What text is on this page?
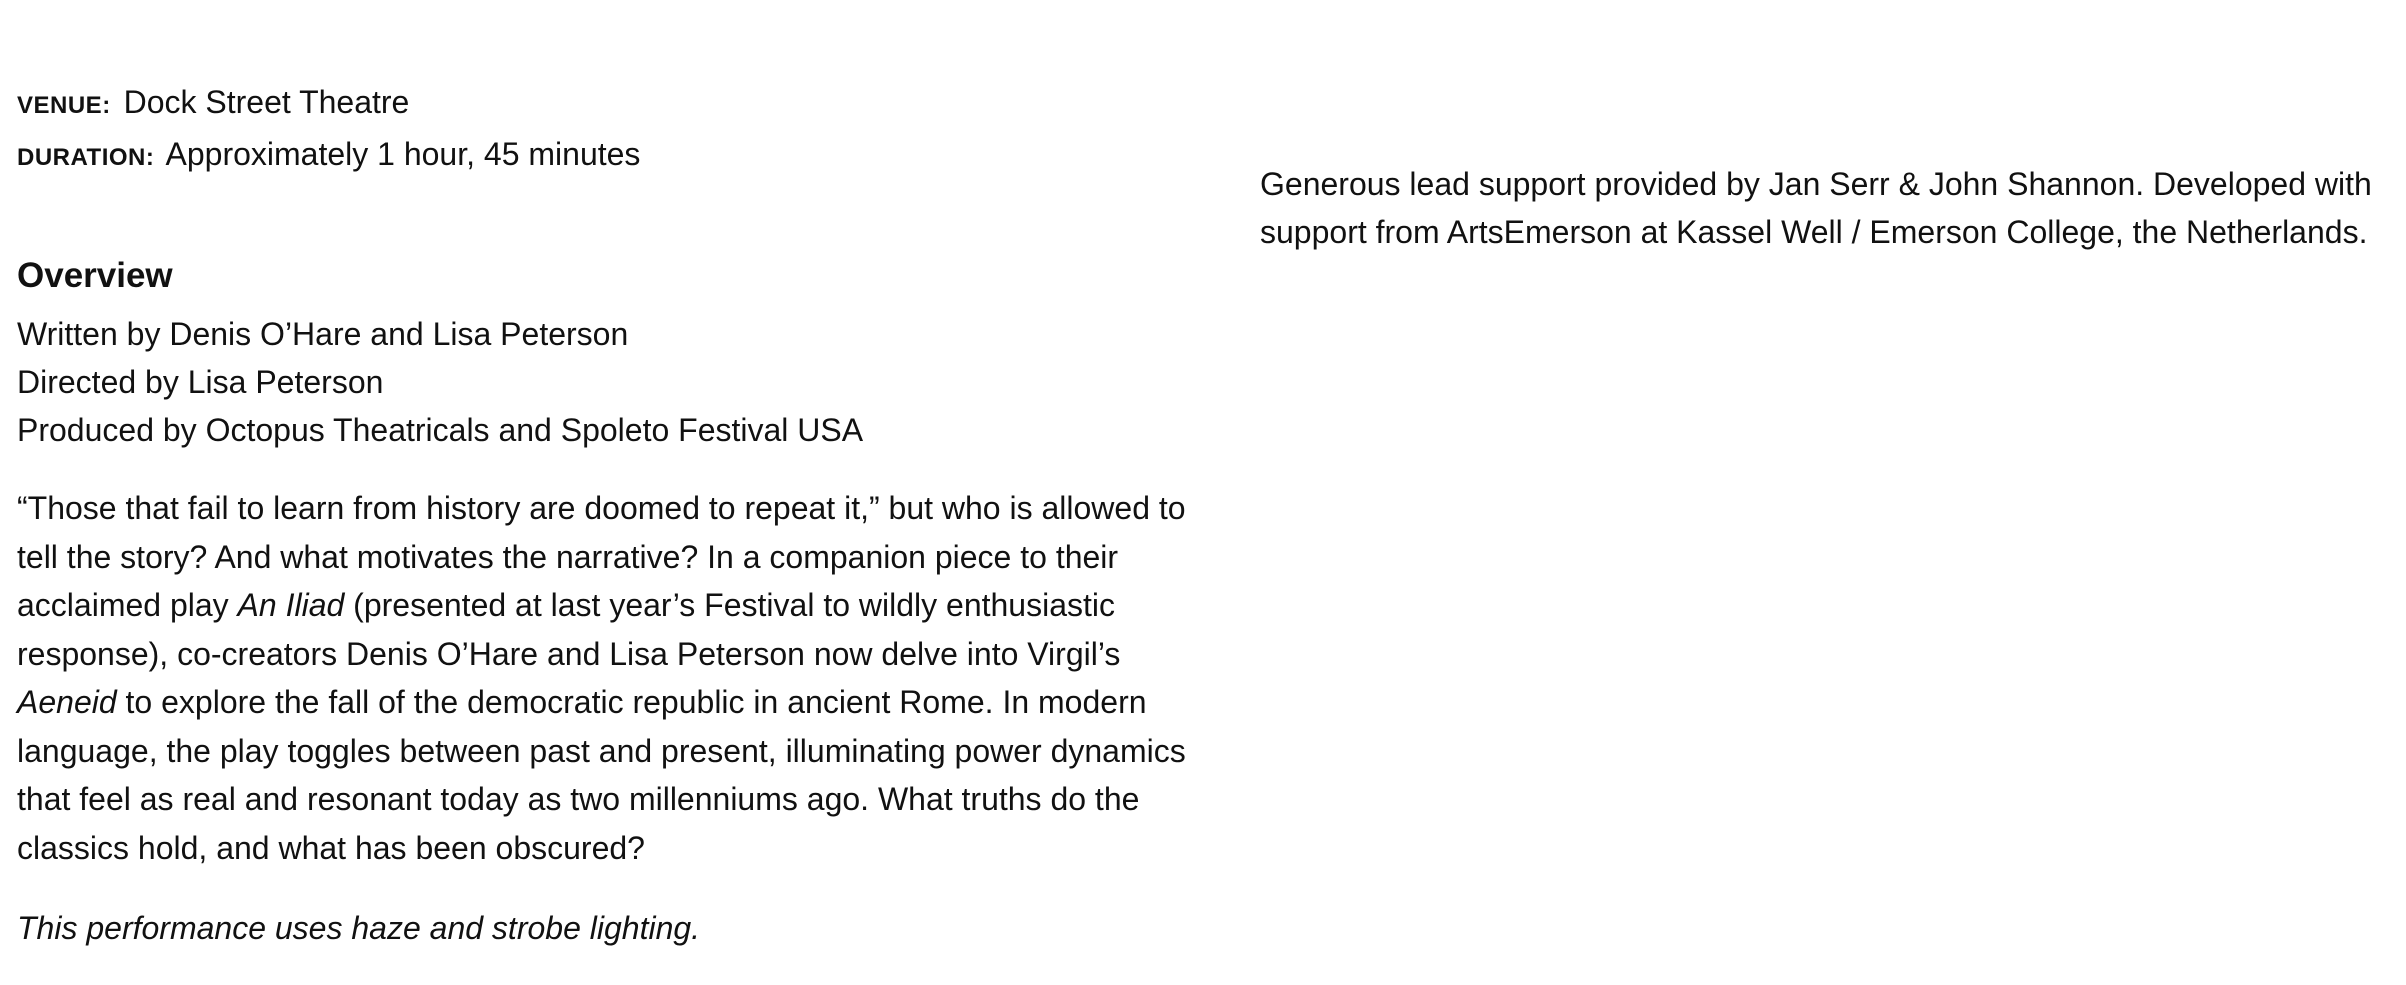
VENUE: Dock Street Theatre

DURATION: Approximately 1 hour, 45 minutes

Overview

Written by Denis O’Hare and Lisa Peterson

Directed by Lisa Peterson

Produced by Octopus Theatricals and Spoleto Festival USA

“Those that fail to learn from history are doomed to repeat it,” but who is allowed to tell the story? And what motivates the narrative? In a companion piece to their acclaimed play An Iliad (presented at last year’s Festival to wildly enthusiastic response), co-creators Denis O’Hare and Lisa Peterson now delve into Virgil’s Aeneid to explore the fall of the democratic republic in ancient Rome. In modern language, the play toggles between past and present, illuminating power dynamics that feel as real and resonant today as two millenniums ago. What truths do the classics hold, and what has been obscured?

This performance uses haze and strobe lighting.

Generous lead support provided by Jan Serr & John Shannon. Developed with support from ArtsEmerson at Kassel Well / Emerson College, the Netherlands.
